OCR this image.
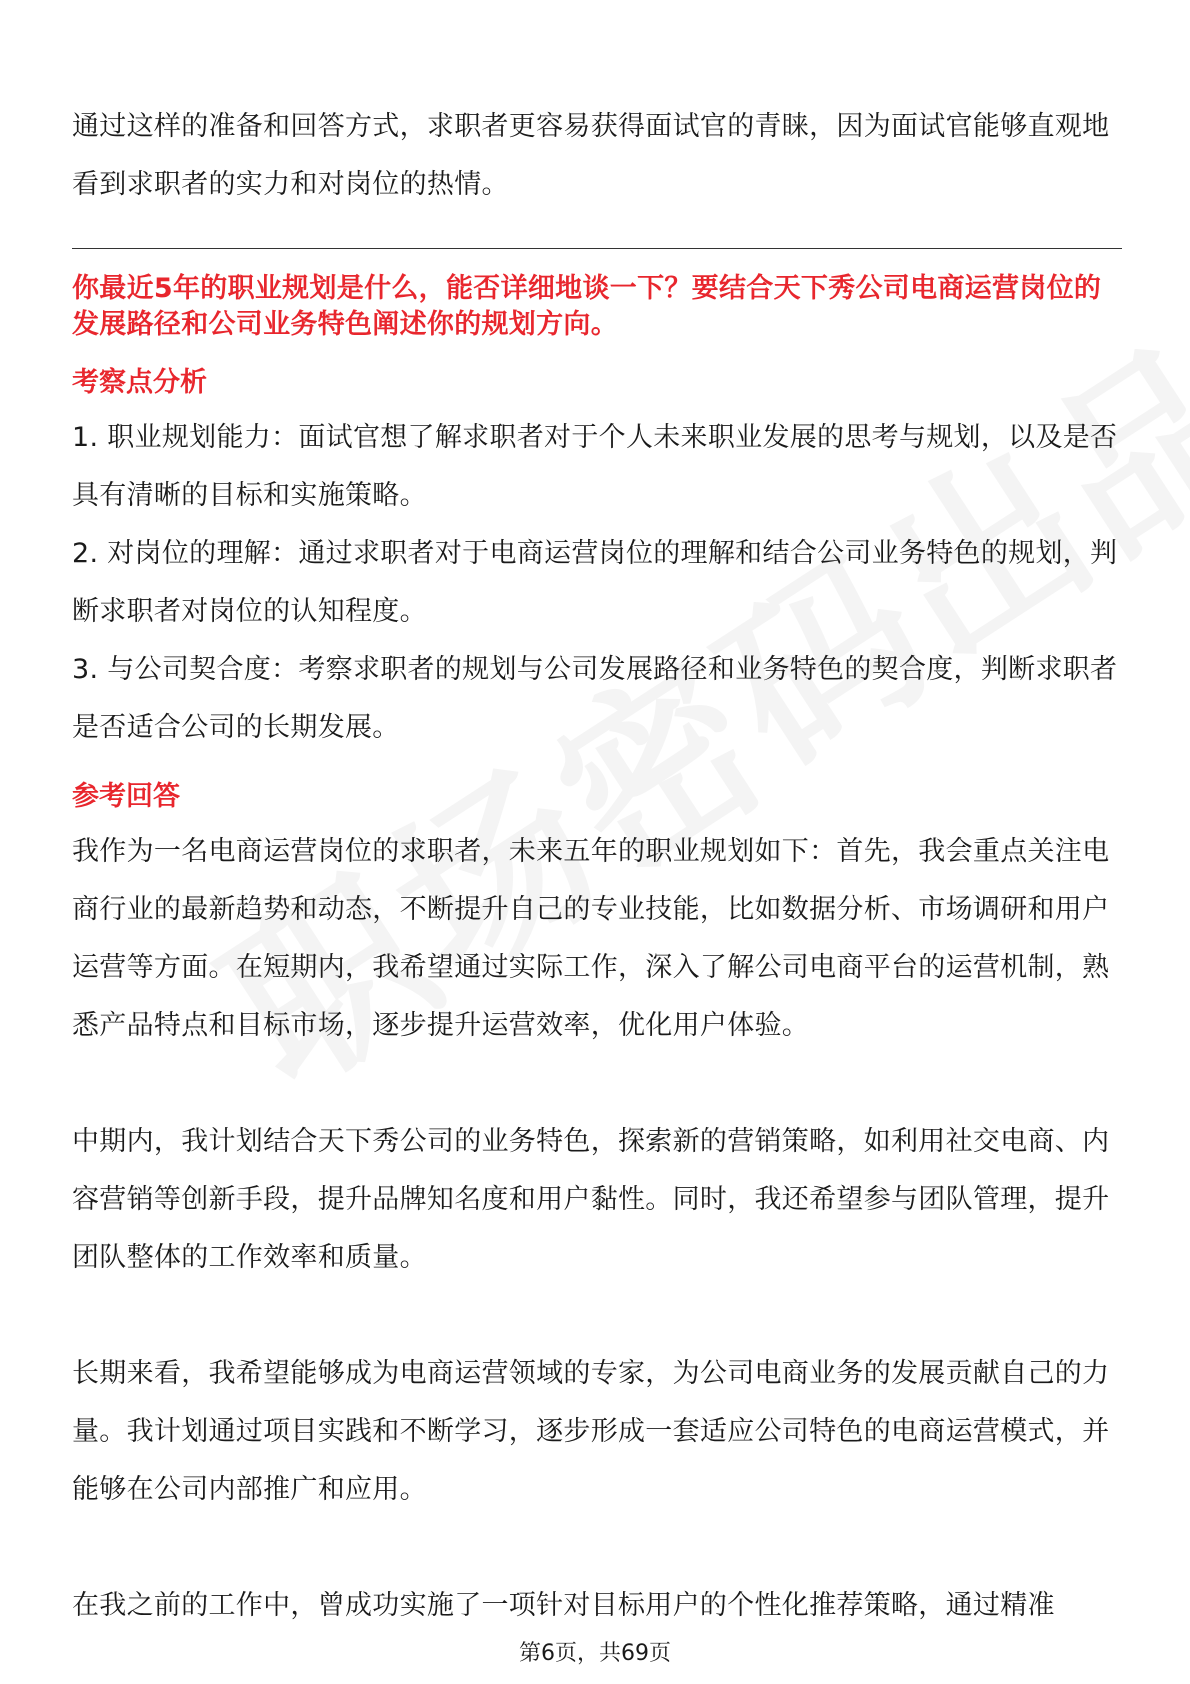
通过这样的准备和回答方式，求职者更容易获得面试官的青睐，因为面试官能够直观地看到求职者的实力和对岗位的热情。

你最近5年的职业规划是什么，能否详细地谈一下？要结合天下秀公司电商运营岗位的发展路径和公司业务特色阐述你的规划方向。

考察点分析

1. 职业规划能力：面试官想了解求职者对于个人未来职业发展的思考与规划，以及是否具有清晰的目标和实施策略。

2. 对岗位的理解：通过求职者对于电商运营岗位的理解和结合公司业务特色的规划，判断求职者对岗位的认知程度。

3. 与公司契合度：考察求职者的规划与公司发展路径和业务特色的契合度，判断求职者是否适合公司的长期发展。

参考回答

我作为一名电商运营岗位的求职者，未来五年的职业规划如下：首先，我会重点关注电商行业的最新趋势和动态，不断提升自己的专业技能，比如数据分析、市场调研和用户运营等方面。在短期内，我希望通过实际工作，深入了解公司电商平台的运营机制，熟悉产品特点和目标市场，逐步提升运营效率，优化用户体验。

中期内，我计划结合天下秀公司的业务特色，探索新的营销策略，如利用社交电商、内容营销等创新手段，提升品牌知名度和用户黏性。同时，我还希望参与团队管理，提升团队整体的工作效率和质量。

长期来看，我希望能够成为电商运营领域的专家，为公司电商业务的发展贡献自己的力量。我计划通过项目实践和不断学习，逐步形成一套适应公司特色的电商运营模式，并能够在公司内部推广和应用。

在我之前的工作中，曾成功实施了一项针对目标用户的个性化推荐策略，通过精准

第6页，共69页
